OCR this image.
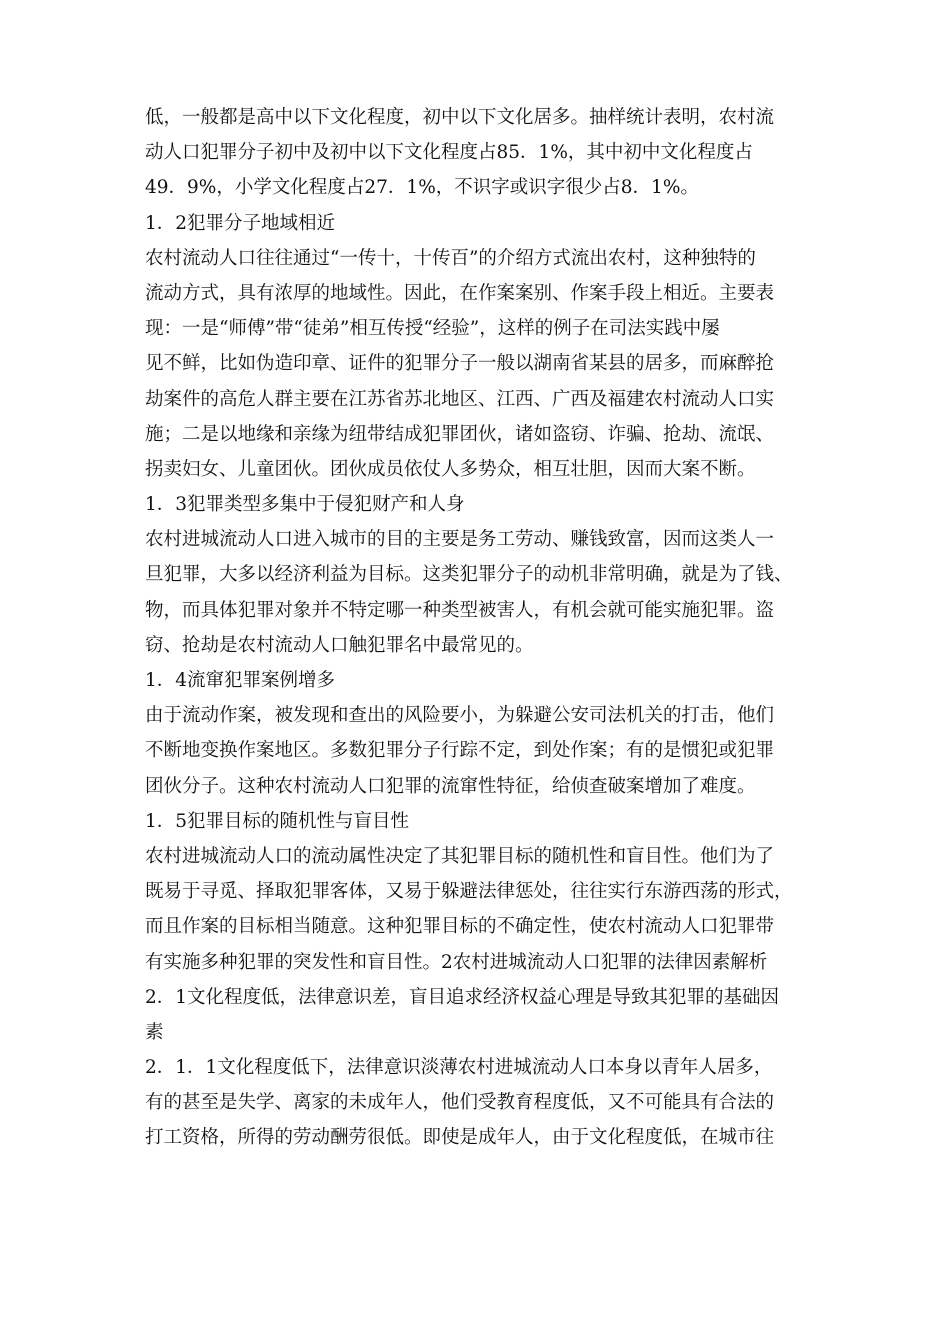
低，一般都是高中以下文化程度，初中以下文化居多。抽样统计表明，农村流
动人口犯罪分子初中及初中以下文化程度占85．1%，其中初中文化程度占
49．9%，小学文化程度占27．1%，不识字或识字很少占8．1%。
1．2犯罪分子地域相近
农村流动人口往往通过“一传十，十传百”的介绍方式流出农村，这种独特的
流动方式，具有浓厚的地域性。因此，在作案案别、作案手段上相近。主要表
现：一是“师傅”带“徒弟”相互传授“经验”，这样的例子在司法实践中屡
见不鲜，比如伪造印章、证件的犯罪分子一般以湖南省某县的居多，而麻醉抢
劫案件的高危人群主要在江苏省苏北地区、江西、广西及福建农村流动人口实
施；二是以地缘和亲缘为纽带结成犯罪团伙，诸如盗窃、诈骗、抢劫、流氓、
拐卖妇女、儿童团伙。团伙成员依仗人多势众，相互壮胆，因而大案不断。
1．3犯罪类型多集中于侵犯财产和人身
农村进城流动人口进入城市的目的主要是务工劳动、赚钱致富，因而这类人一
旦犯罪，大多以经济利益为目标。这类犯罪分子的动机非常明确，就是为了钱、
物，而具体犯罪对象并不特定哪一种类型被害人，有机会就可能实施犯罪。盗
窃、抢劫是农村流动人口触犯罪名中最常见的。
1．4流窜犯罪案例增多
由于流动作案，被发现和查出的风险要小，为躲避公安司法机关的打击，他们
不断地变换作案地区。多数犯罪分子行踪不定，到处作案；有的是惯犯或犯罪
团伙分子。这种农村流动人口犯罪的流窜性特征，给侦查破案增加了难度。
1．5犯罪目标的随机性与盲目性
农村进城流动人口的流动属性决定了其犯罪目标的随机性和盲目性。他们为了
既易于寻觅、择取犯罪客体，又易于躲避法律惩处，往往实行东游西荡的形式，
而且作案的目标相当随意。这种犯罪目标的不确定性，使农村流动人口犯罪带
有实施多种犯罪的突发性和盲目性。2农村进城流动人口犯罪的法律因素解析
2．1文化程度低，法律意识差，盲目追求经济权益心理是导致其犯罪的基础因
素
2．1．1文化程度低下，法律意识淡薄农村进城流动人口本身以青年人居多，
有的甚至是失学、离家的未成年人，他们受教育程度低，又不可能具有合法的
打工资格，所得的劳动酬劳很低。即使是成年人，由于文化程度低，在城市往
